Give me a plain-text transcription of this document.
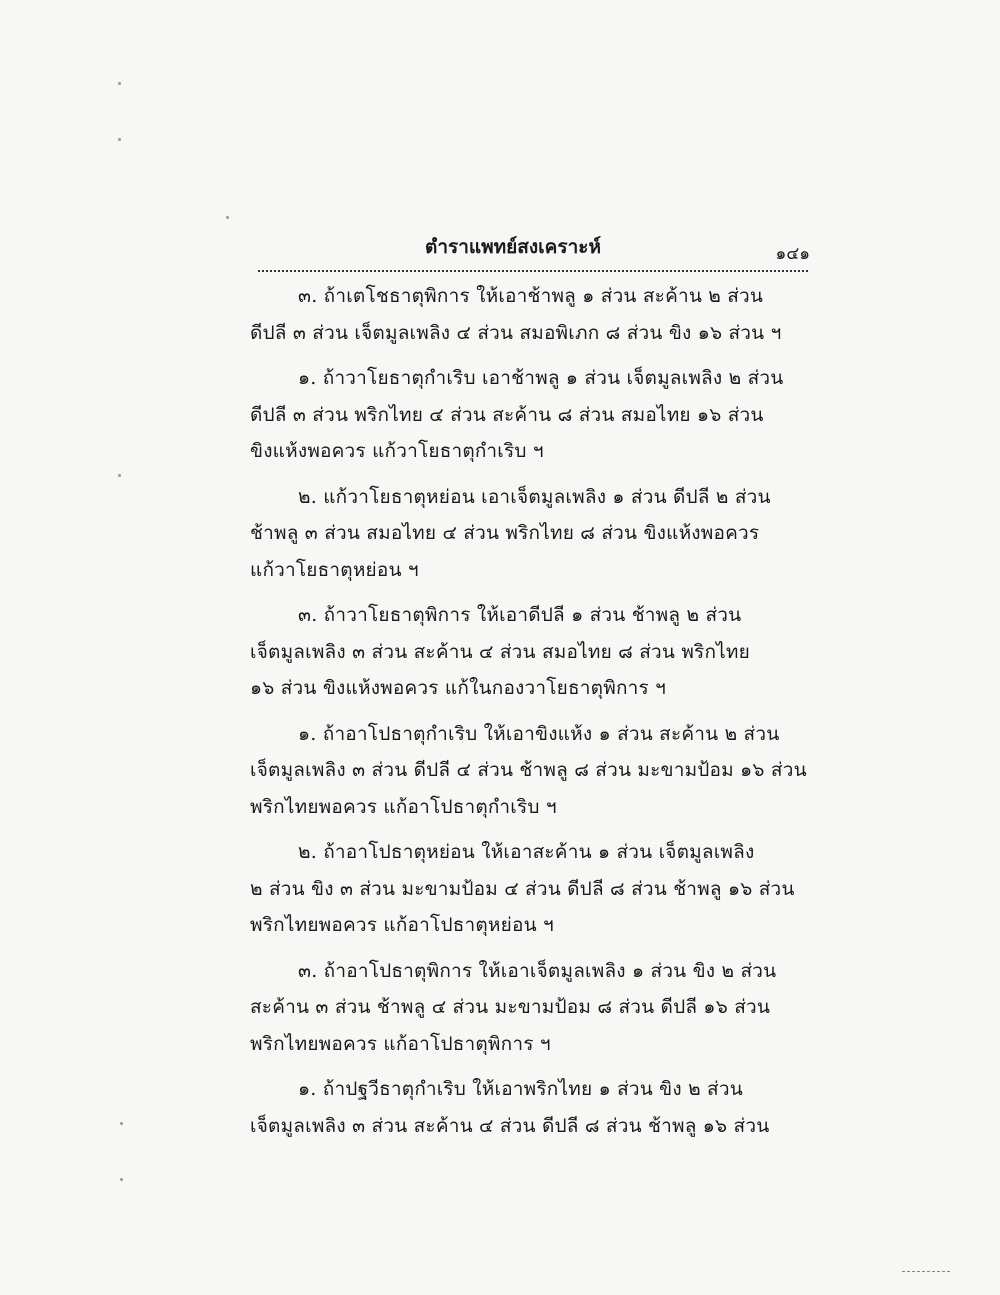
ตำราแพทย์สงเคราะห์	๑๔๑

๓. ถ้าเตโชธาตุพิการ ให้เอาช้าพลู ๑ ส่วน สะค้าน ๒ ส่วน
ดีปลี ๓ ส่วน เจ็ตมูลเพลิง ๔ ส่วน สมอพิเภก ๘ ส่วน ขิง ๑๖ ส่วน ฯ

๑. ถ้าวาโยธาตุกำเริบ เอาช้าพลู ๑ ส่วน เจ็ตมูลเพลิง ๒ ส่วน
ดีปลี ๓ ส่วน พริกไทย ๔ ส่วน สะค้าน ๘ ส่วน สมอไทย ๑๖ ส่วน
ขิงแห้งพอควร แก้วาโยธาตุกำเริบ ฯ

๒. แก้วาโยธาตุหย่อน เอาเจ็ตมูลเพลิง ๑ ส่วน ดีปลี ๒ ส่วน
ช้าพลู ๓ ส่วน สมอไทย ๔ ส่วน พริกไทย ๘ ส่วน ขิงแห้งพอควร
แก้วาโยธาตุหย่อน ฯ

๓. ถ้าวาโยธาตุพิการ ให้เอาดีปลี ๑ ส่วน ช้าพลู ๒ ส่วน
เจ็ตมูลเพลิง ๓ ส่วน สะค้าน ๔ ส่วน สมอไทย ๘ ส่วน พริกไทย
๑๖ ส่วน ขิงแห้งพอควร แก้ในกองวาโยธาตุพิการ ฯ

๑. ถ้าอาโปธาตุกำเริบ ให้เอาขิงแห้ง ๑ ส่วน สะค้าน ๒ ส่วน
เจ็ตมูลเพลิง ๓ ส่วน ดีปลี ๔ ส่วน ช้าพลู ๘ ส่วน มะขามป้อม ๑๖ ส่วน
พริกไทยพอควร แก้อาโปธาตุกำเริบ ฯ

๒. ถ้าอาโปธาตุหย่อน ให้เอาสะค้าน ๑ ส่วน เจ็ตมูลเพลิง
๒ ส่วน ขิง ๓ ส่วน มะขามป้อม ๔ ส่วน ดีปลี ๘ ส่วน ช้าพลู ๑๖ ส่วน
พริกไทยพอควร แก้อาโปธาตุหย่อน ฯ

๓. ถ้าอาโปธาตุพิการ ให้เอาเจ็ตมูลเพลิง ๑ ส่วน ขิง ๒ ส่วน
สะค้าน ๓ ส่วน ช้าพลู ๔ ส่วน มะขามป้อม ๘ ส่วน ดีปลี ๑๖ ส่วน
พริกไทยพอควร แก้อาโปธาตุพิการ ฯ

๑. ถ้าปฐวีธาตุกำเริบ ให้เอาพริกไทย ๑ ส่วน ขิง ๒ ส่วน
เจ็ตมูลเพลิง ๓ ส่วน สะค้าน ๔ ส่วน ดีปลี ๘ ส่วน ช้าพลู ๑๖ ส่วน
